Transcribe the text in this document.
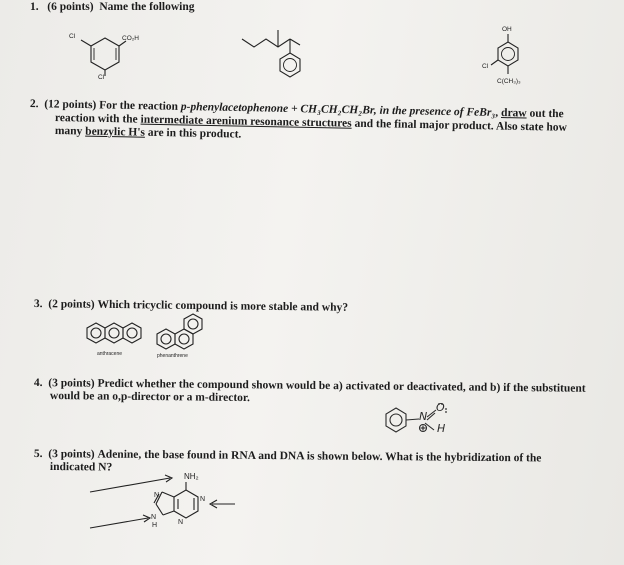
1. (6 points) Name the following
Cl	CO₂H
Cl
OH
Cl
C(CH₃)₃
2. (12 points) For the reaction p-phenylacetophenone + CH₃CH₂CH₂Br, in the presence of FeBr₃, draw out the
reaction with the intermediate arenium resonance structures and the final major product. Also state how
many benzylic H's are in this product.
3. (2 points) Which tricyclic compound is more stable and why?
anthracene	phenanthrene
4. (3 points) Predict whether the compound shown would be a) activated or deactivated, and b) if the substituent
would be an o,p-director or a m-director.
N
O
H
5. (3 points) Adenine, the base found in RNA and DNA is shown below. What is the hybridization of the
indicated N?
NH₂
N
N
N
H	N
